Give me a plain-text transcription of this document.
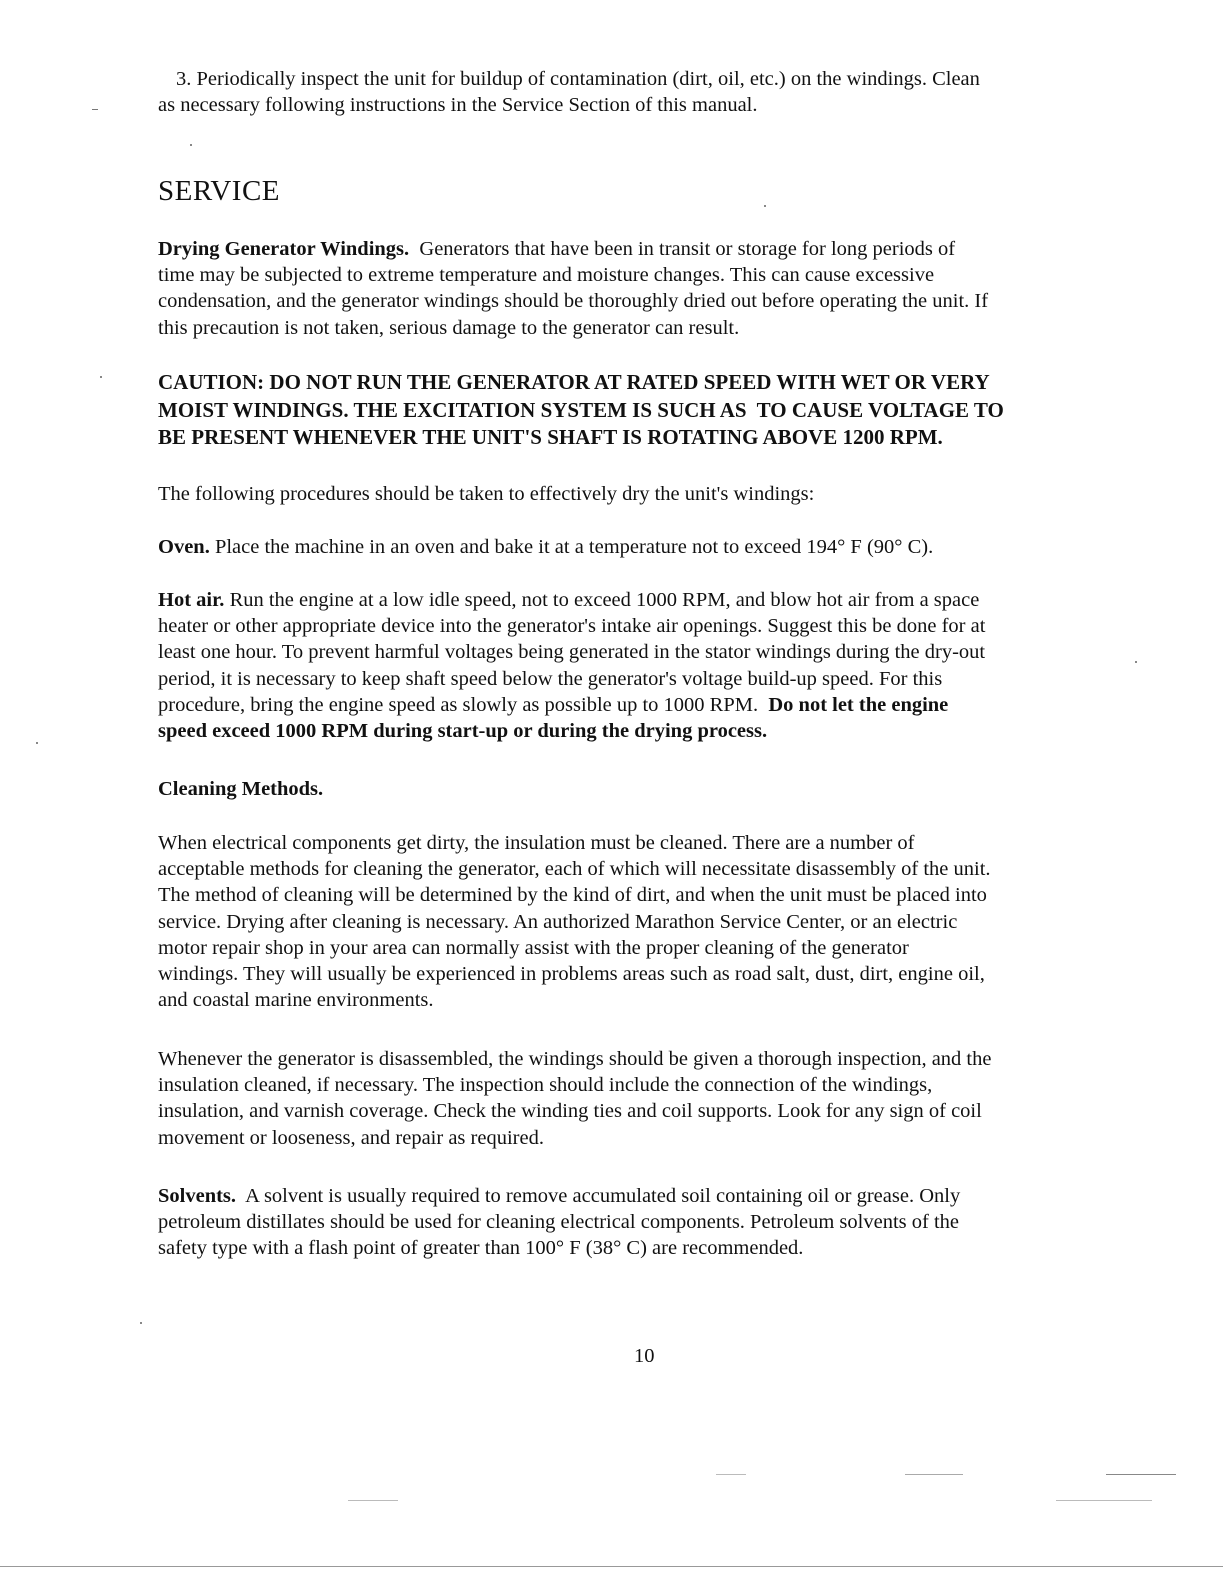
3. Periodically inspect the unit for buildup of contamination (dirt, oil, etc.) on the windings. Clean
as necessary following instructions in the Service Section of this manual.

SERVICE

Drying Generator Windings.  Generators that have been in transit or storage for long periods of
time may be subjected to extreme temperature and moisture changes. This can cause excessive
condensation, and the generator windings should be thoroughly dried out before operating the unit. If
this precaution is not taken, serious damage to the generator can result.

CAUTION: DO NOT RUN THE GENERATOR AT RATED SPEED WITH WET OR VERY
MOIST WINDINGS. THE EXCITATION SYSTEM IS SUCH AS  TO CAUSE VOLTAGE TO
BE PRESENT WHENEVER THE UNIT'S SHAFT IS ROTATING ABOVE 1200 RPM.

The following procedures should be taken to effectively dry the unit's windings:

Oven. Place the machine in an oven and bake it at a temperature not to exceed 194° F (90° C).

Hot air. Run the engine at a low idle speed, not to exceed 1000 RPM, and blow hot air from a space
heater or other appropriate device into the generator's intake air openings. Suggest this be done for at
least one hour. To prevent harmful voltages being generated in the stator windings during the dry-out
period, it is necessary to keep shaft speed below the generator's voltage build-up speed. For this
procedure, bring the engine speed as slowly as possible up to 1000 RPM.  Do not let the engine
speed exceed 1000 RPM during start-up or during the drying process.

Cleaning Methods.

When electrical components get dirty, the insulation must be cleaned. There are a number of
acceptable methods for cleaning the generator, each of which will necessitate disassembly of the unit.
The method of cleaning will be determined by the kind of dirt, and when the unit must be placed into
service. Drying after cleaning is necessary. An authorized Marathon Service Center, or an electric
motor repair shop in your area can normally assist with the proper cleaning of the generator
windings. They will usually be experienced in problems areas such as road salt, dust, dirt, engine oil,
and coastal marine environments.

Whenever the generator is disassembled, the windings should be given a thorough inspection, and the
insulation cleaned, if necessary. The inspection should include the connection of the windings,
insulation, and varnish coverage. Check the winding ties and coil supports. Look for any sign of coil
movement or looseness, and repair as required.

Solvents.  A solvent is usually required to remove accumulated soil containing oil or grease. Only
petroleum distillates should be used for cleaning electrical components. Petroleum solvents of the
safety type with a flash point of greater than 100° F (38° C) are recommended.

10
